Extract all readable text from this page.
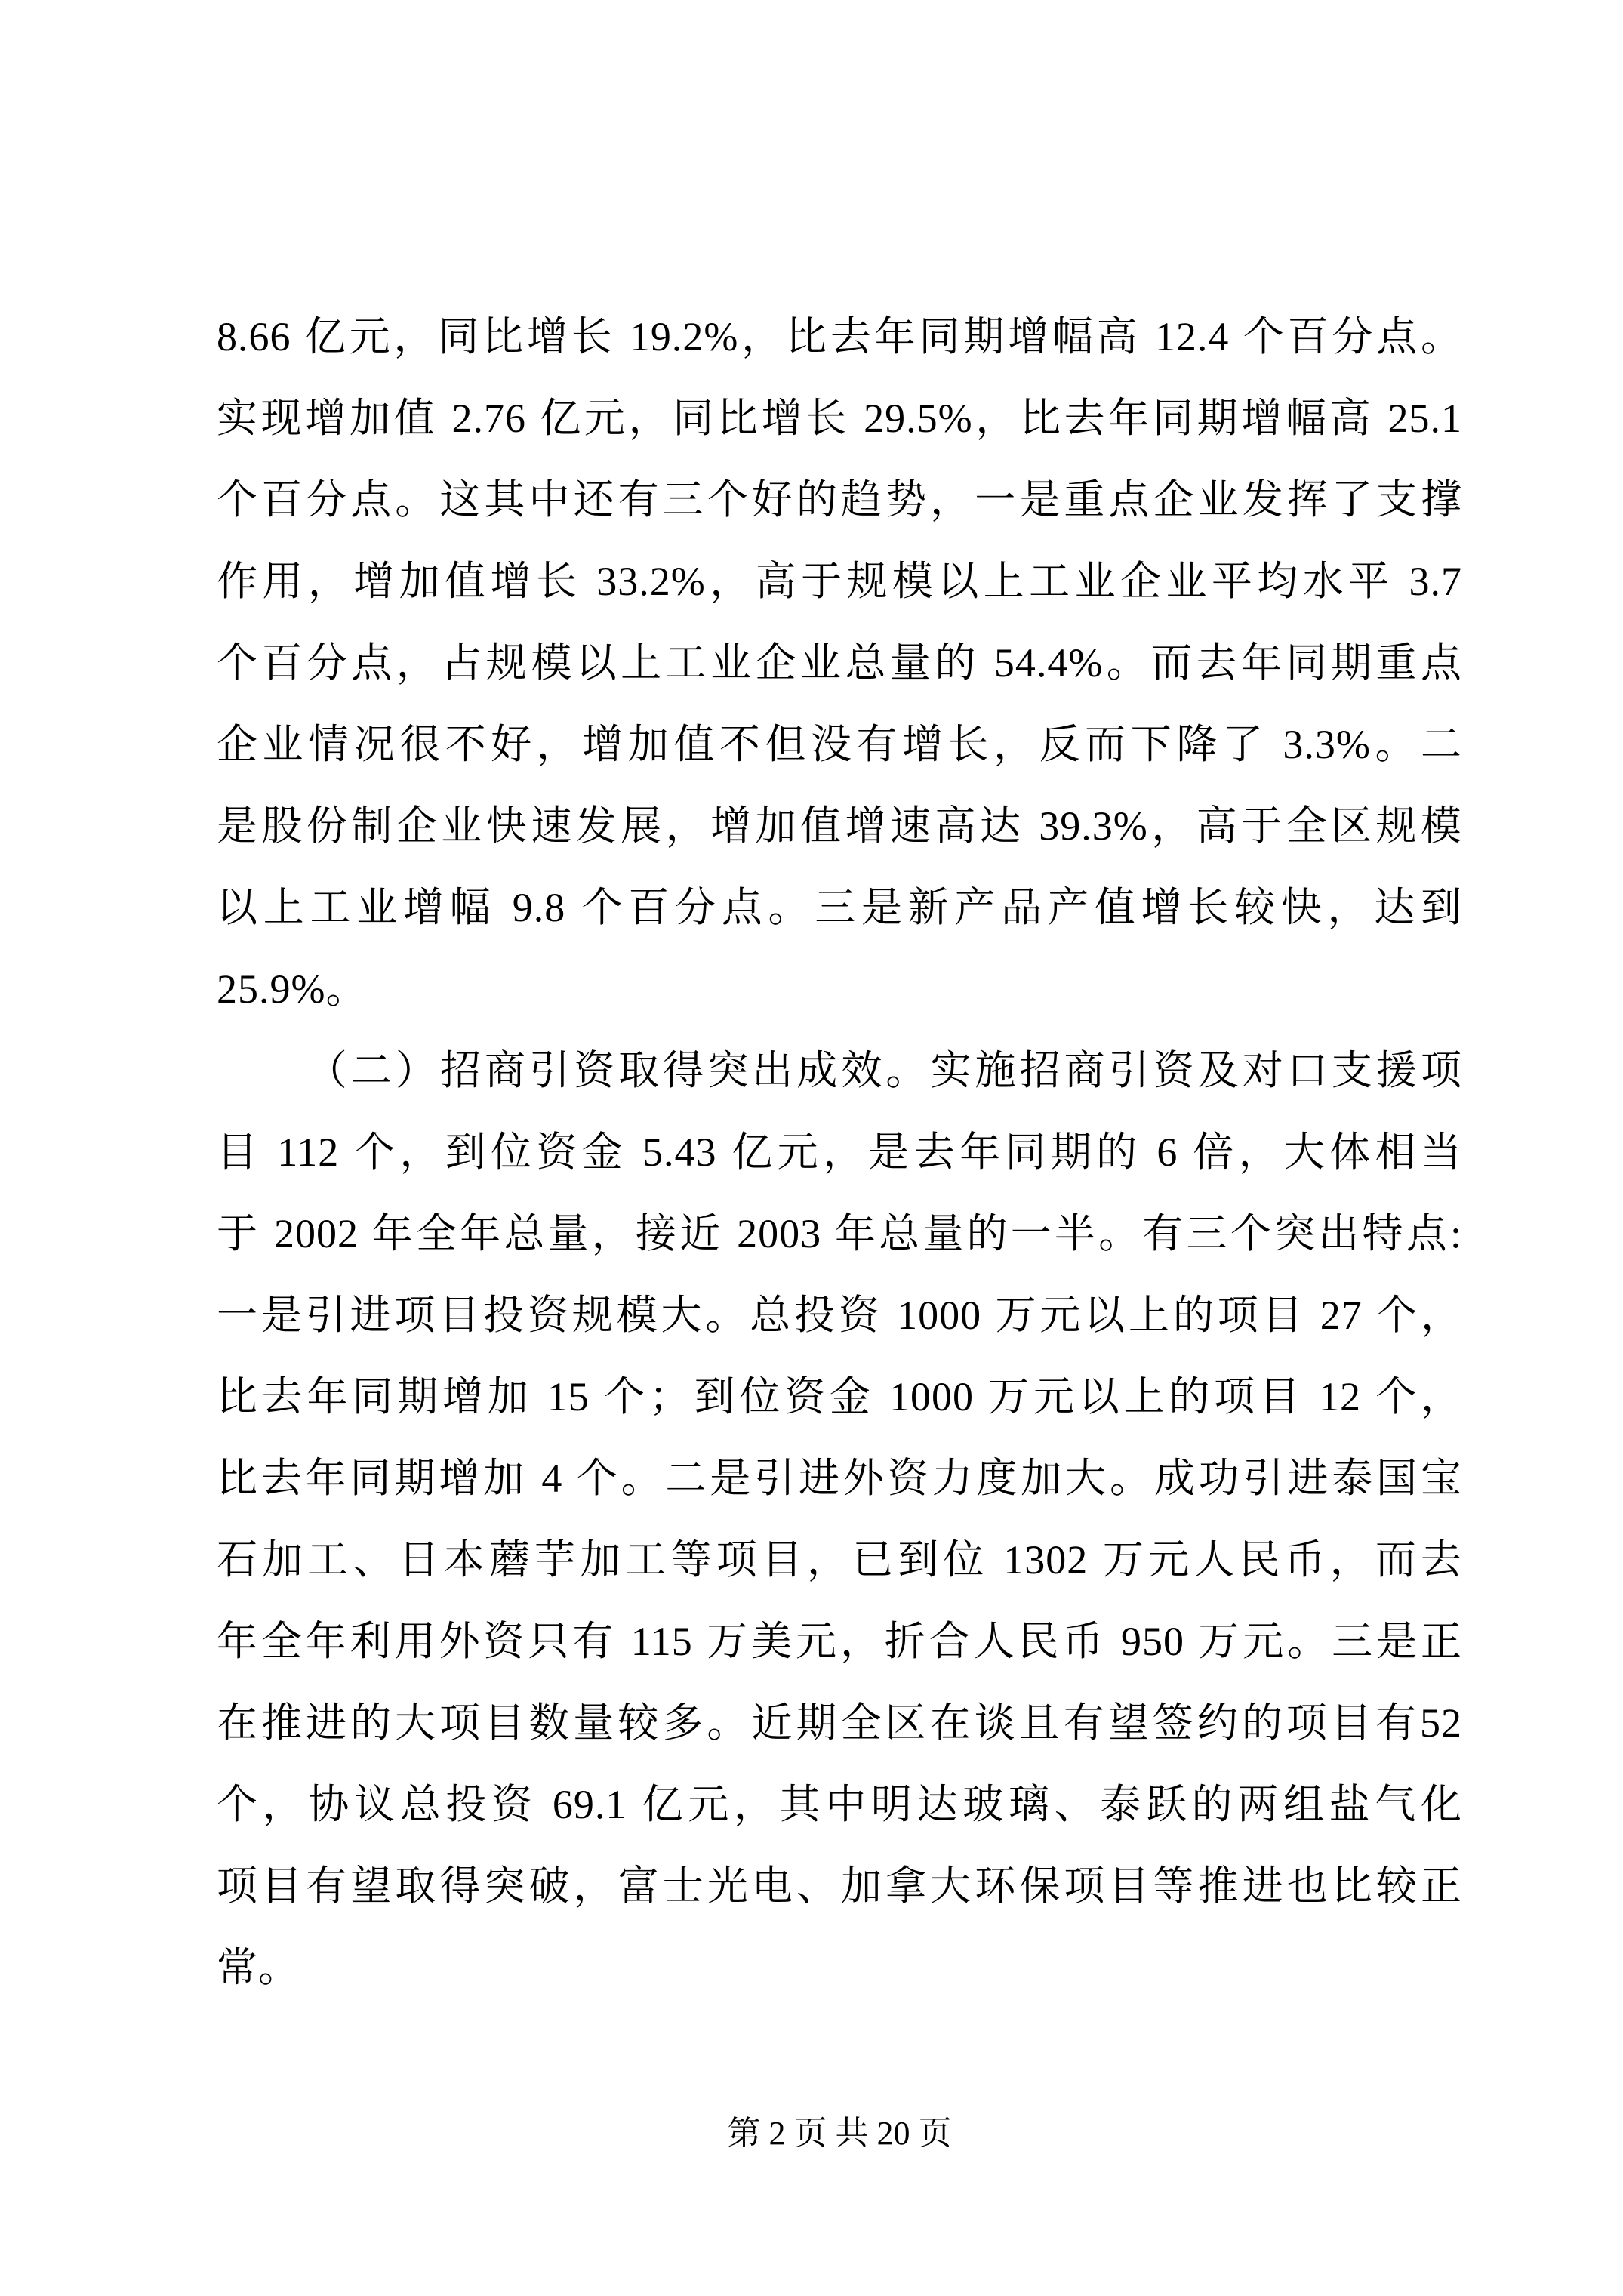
8.66 亿元，同比增长 19.2%，比去年同期增幅高 12.4 个百分点。
实现增加值 2.76 亿元，同比增长 29.5%，比去年同期增幅高 25.1
个百分点。这其中还有三个好的趋势，一是重点企业发挥了支撑
作用，增加值增长 33.2%，高于规模以上工业企业平均水平 3.7
个百分点，占规模以上工业企业总量的 54.4%。而去年同期重点
企业情况很不好，增加值不但没有增长，反而下降了 3.3%。二
是股份制企业快速发展，增加值增速高达 39.3%，高于全区规模
以上工业增幅 9.8 个百分点。三是新产品产值增长较快，达到
25.9%。
（二）招商引资取得突出成效。实施招商引资及对口支援项
目 112 个，到位资金 5.43 亿元，是去年同期的 6 倍，大体相当
于 2002 年全年总量，接近 2003 年总量的一半。有三个突出特点:
一是引进项目投资规模大。总投资 1000 万元以上的项目 27 个，
比去年同期增加 15 个；到位资金 1000 万元以上的项目 12 个，
比去年同期增加 4 个。二是引进外资力度加大。成功引进泰国宝
石加工、日本蘑芋加工等项目，已到位 1302 万元人民币，而去
年全年利用外资只有 115 万美元，折合人民币 950 万元。三是正
在推进的大项目数量较多。近期全区在谈且有望签约的项目有52
个，协议总投资 69.1 亿元，其中明达玻璃、泰跃的两组盐气化
项目有望取得突破，富士光电、加拿大环保项目等推进也比较正
常。
第 2 页 共 20 页
